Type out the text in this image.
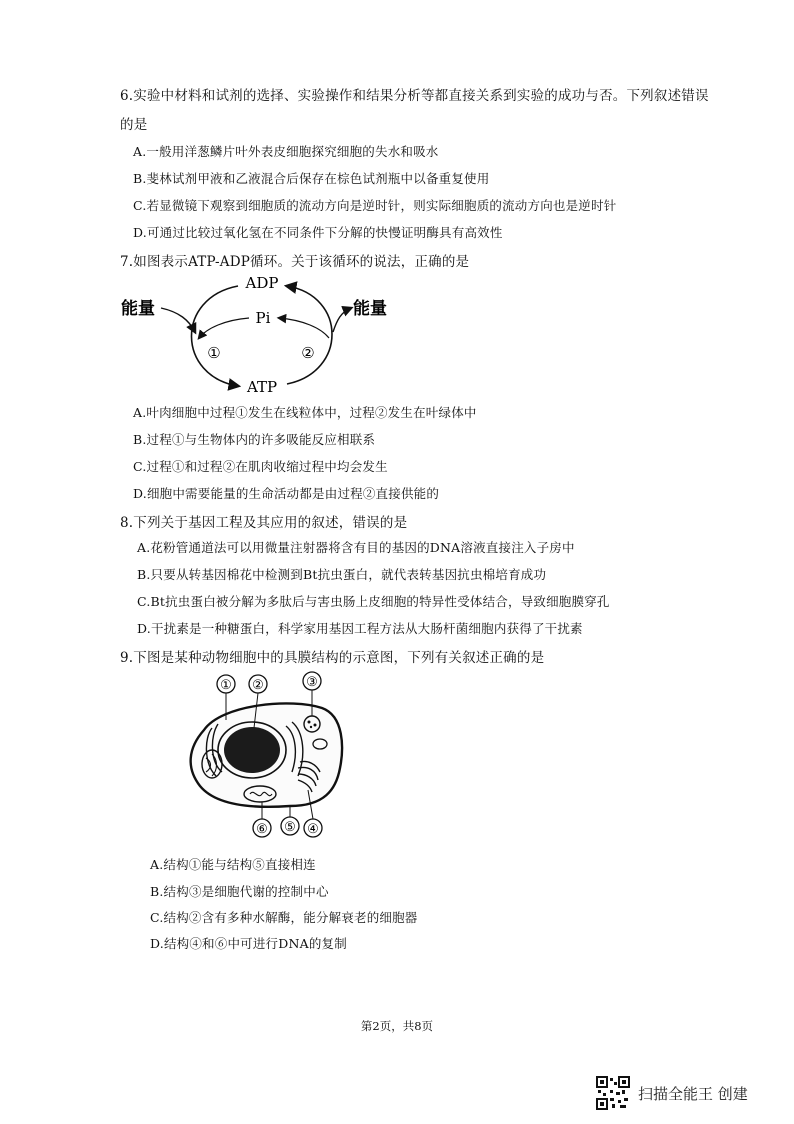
6.实验中材料和试剂的选择、实验操作和结果分析等都直接关系到实验的成功与否。下列叙述错误
的是
A.一般用洋葱鳞片叶外表皮细胞探究细胞的失水和吸水
B.斐林试剂甲液和乙液混合后保存在棕色试剂瓶中以备重复使用
C.若显微镜下观察到细胞质的流动方向是逆时针，则实际细胞质的流动方向也是逆时针
D.可通过比较过氧化氢在不同条件下分解的快慢证明酶具有高效性
7.如图表示ATP-ADP循环。关于该循环的说法，正确的是
ADP
ATP
Pi
能量	能量
①	②
A.叶肉细胞中过程①发生在线粒体中，过程②发生在叶绿体中
B.过程①与生物体内的许多吸能反应相联系
C.过程①和过程②在肌肉收缩过程中均会发生
D.细胞中需要能量的生命活动都是由过程②直接供能的
8.下列关于基因工程及其应用的叙述，错误的是
A.花粉管通道法可以用微量注射器将含有目的基因的DNA溶液直接注入子房中
B.只要从转基因棉花中检测到Bt抗虫蛋白，就代表转基因抗虫棉培育成功
C.Bt抗虫蛋白被分解为多肽后与害虫肠上皮细胞的特异性受体结合，导致细胞膜穿孔
D.干扰素是一种糖蛋白，科学家用基因工程方法从大肠杆菌细胞内获得了干扰素
9.下图是某种动物细胞中的具膜结构的示意图，下列有关叙述正确的是
① ②	③
⑥ ⑤ ④
A.结构①能与结构⑤直接相连
B.结构③是细胞代谢的控制中心
C.结构②含有多种水解酶，能分解衰老的细胞器
D.结构④和⑥中可进行DNA的复制
第2页，共8页
扫描全能王 创建
